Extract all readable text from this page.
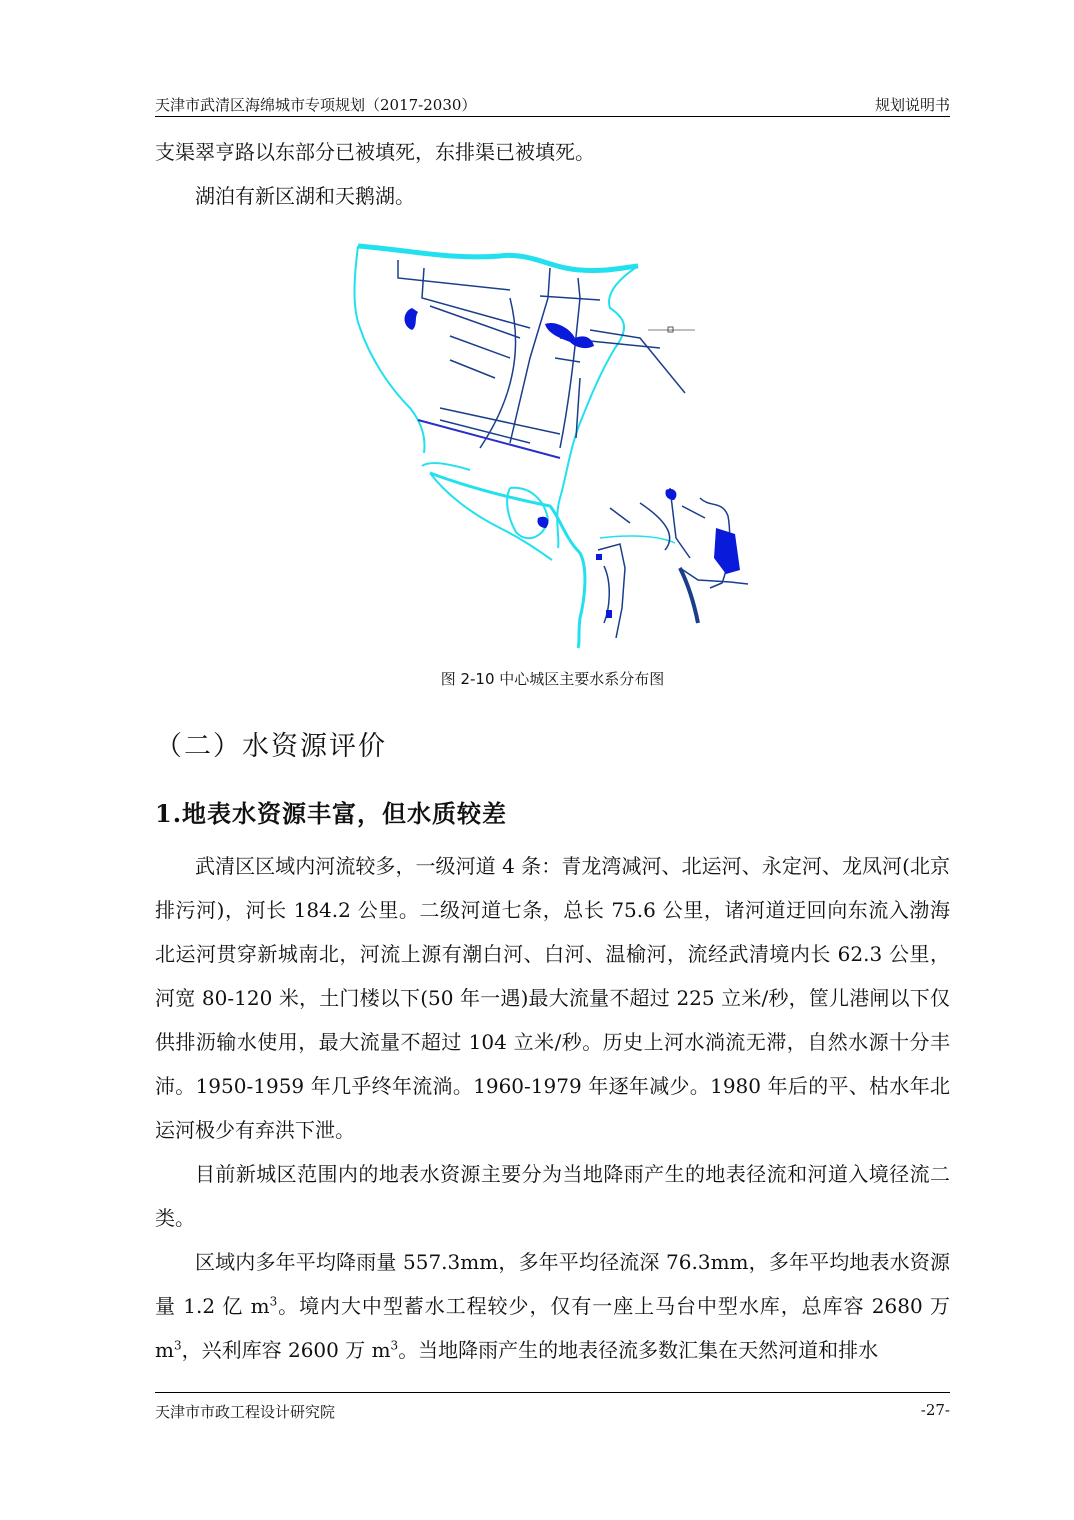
天津市武清区海绵城市专项规划（2017-2030）	规划说明书

支渠翠亨路以东部分已被填死，东排渠已被填死。

湖泊有新区湖和天鹅湖。

图 2-10 中心城区主要水系分布图
（二）水资源评价
1.地表水资源丰富，但水质较差

武清区区域内河流较多，一级河道 4 条：青龙湾减河、北运河、永定河、龙凤河(北京排污河)，河长 184.2 公里。二级河道七条，总长 75.6 公里，诸河道迂回向东流入渤海北运河贯穿新城南北，河流上源有潮白河、白河、温榆河，流经武清境内长 62.3 公里，河宽 80-120 米，土门楼以下(50 年一遇)最大流量不超过 225 立米/秒，筐儿港闸以下仅供排沥输水使用，最大流量不超过 104 立米/秒。历史上河水淌流无滞，自然水源十分丰沛。1950-1959 年几乎终年流淌。1960-1979 年逐年减少。1980 年后的平、枯水年北运河极少有弃洪下泄。

目前新城区范围内的地表水资源主要分为当地降雨产生的地表径流和河道入境径流二类。

区域内多年平均降雨量 557.3mm，多年平均径流深 76.3mm，多年平均地表水资源量 1.2 亿 $m^3$。境内大中型蓄水工程较少，仅有一座上马台中型水库，总库容 2680 万 $m^3$，兴利库容 2600 万 $m^3$。当地降雨产生的地表径流多数汇集在天然河道和排水

天津市市政工程设计研究院	-27-
